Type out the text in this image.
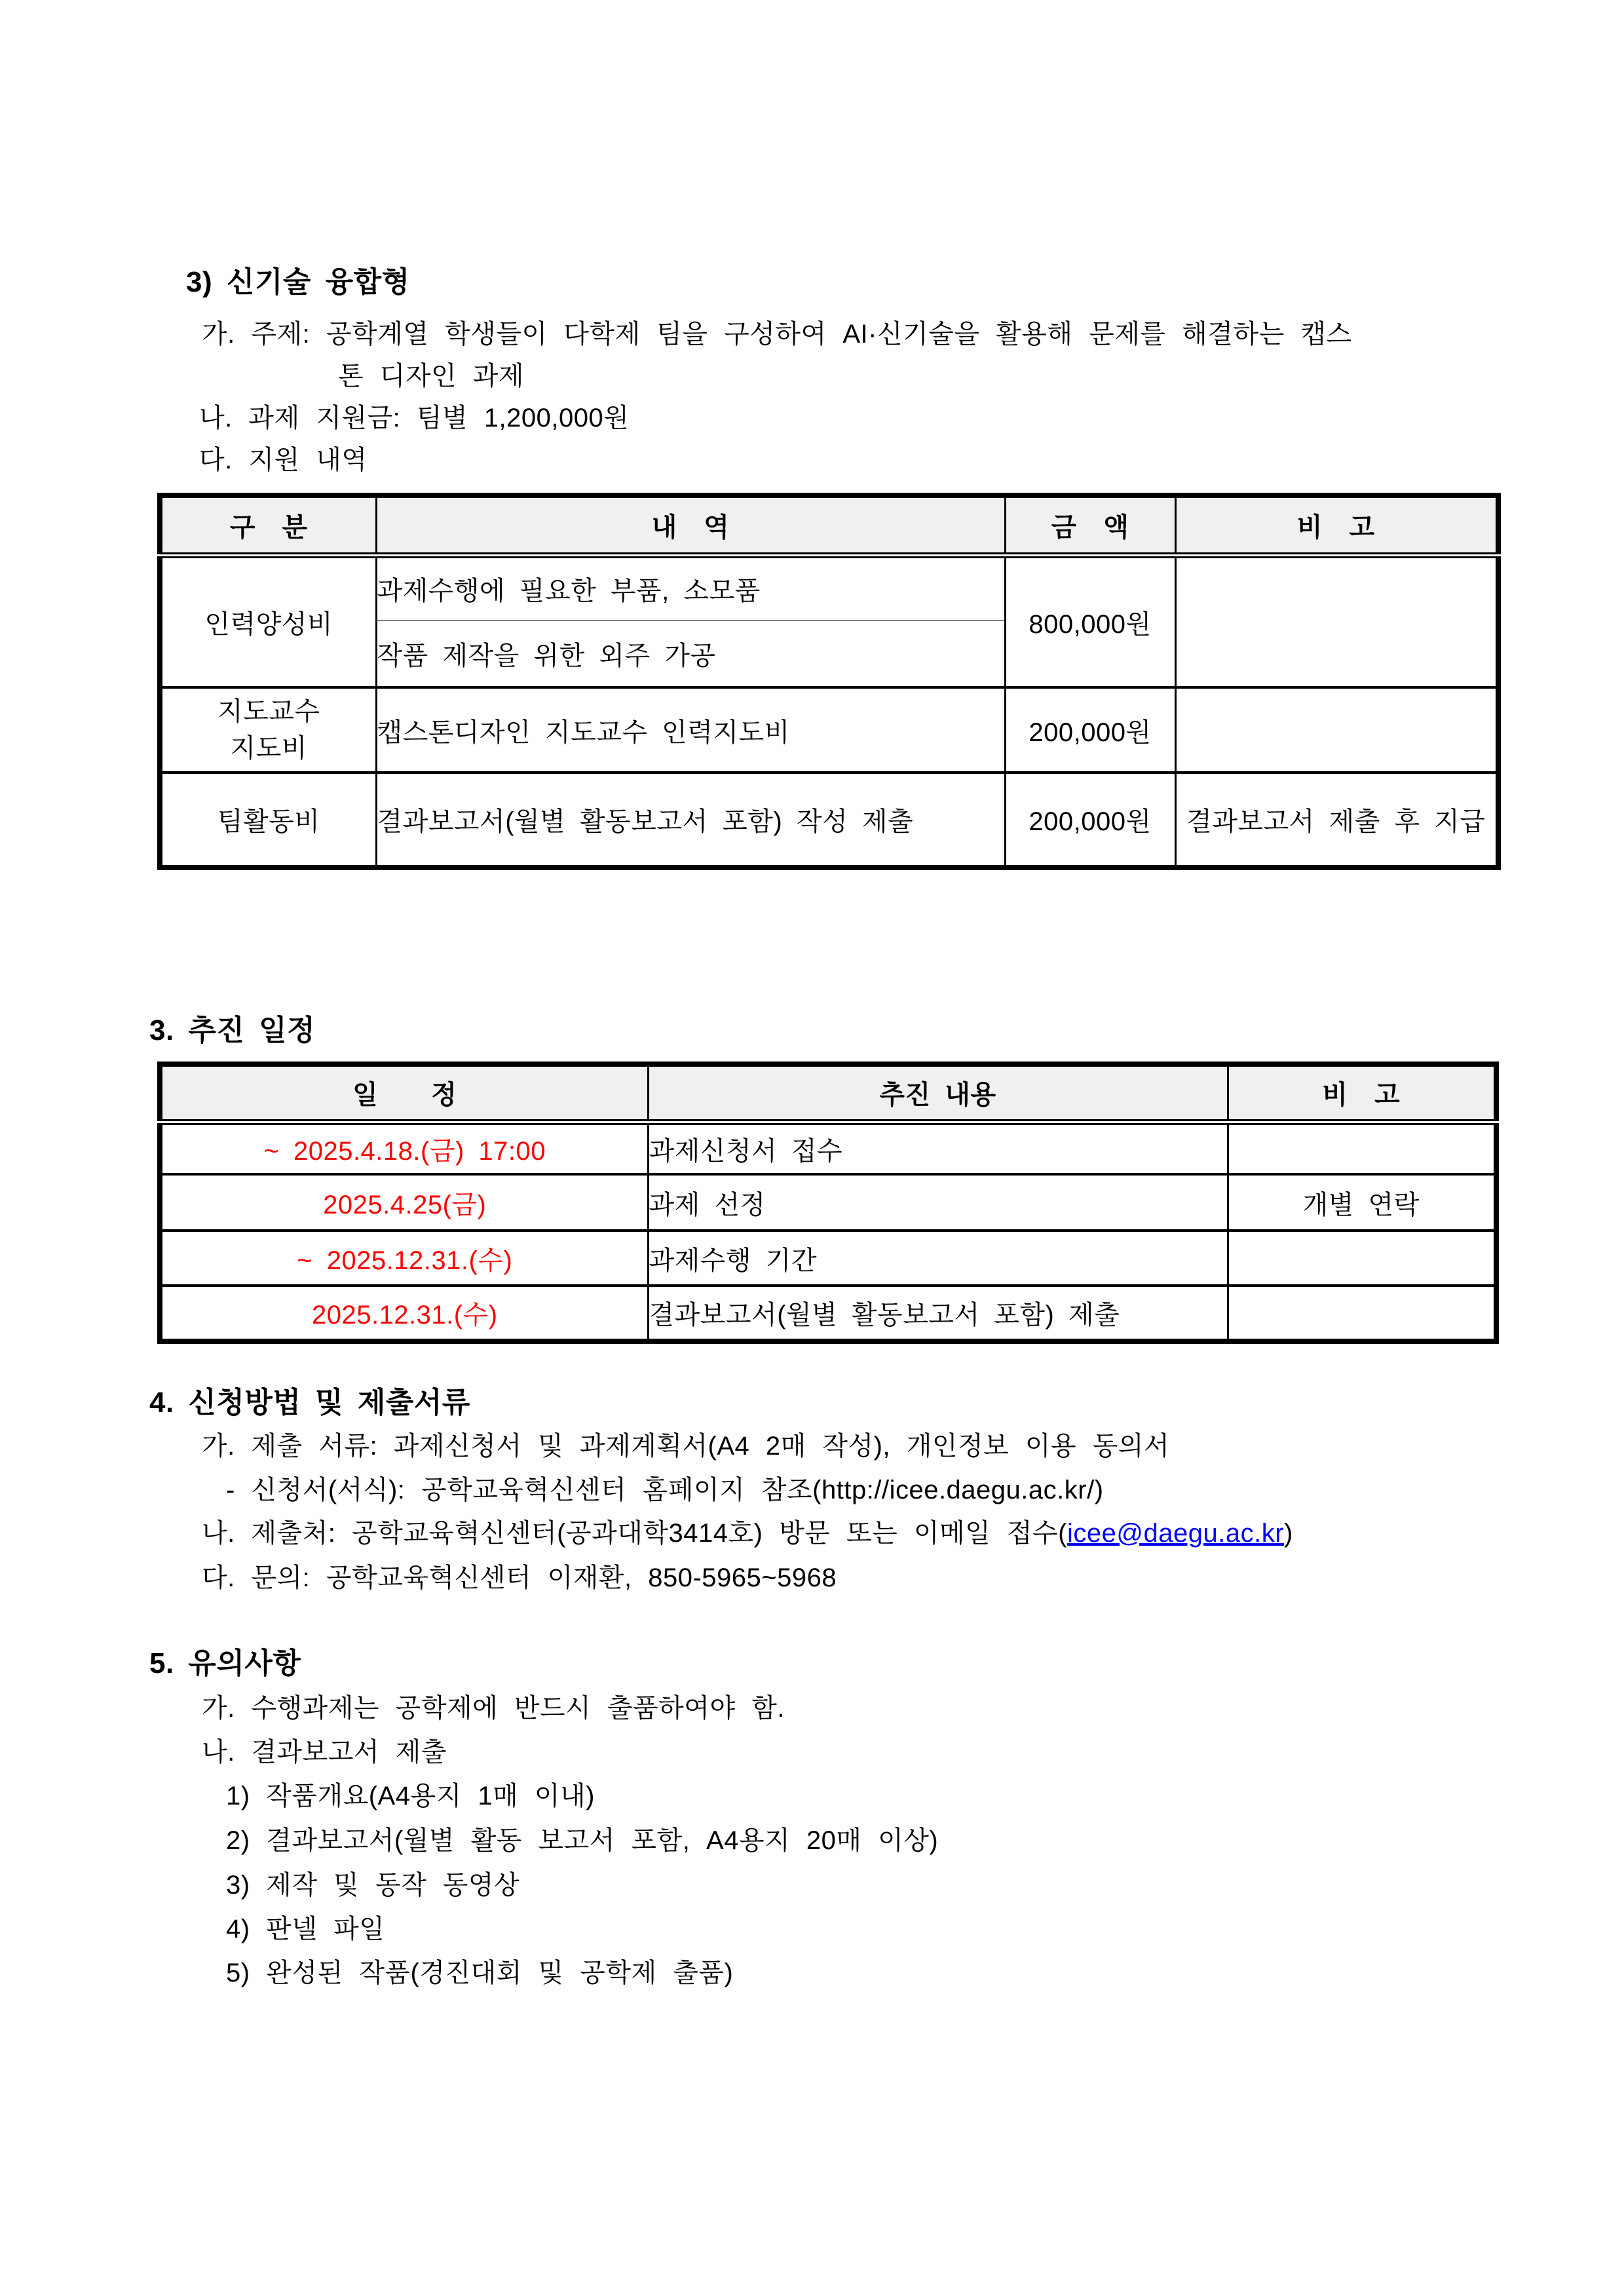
3) 신기술 융합형
가. 주제: 공학계열 학생들이 다학제 팀을 구성하여 AI·신기술을 활용해 문제를 해결하는 캡스
톤 디자인 과제
나. 과제 지원금: 팀별 1,200,000원
다. 지원 내역
구　분	내　역	금　액	비　고
인력양성비	과제수행에 필요한 부품, 소모품	800,000원	
	작품 제작을 위한 외주 가공		

지도교수
지도비	캡스톤디자인 지도교수 인력지도비	200,000원	
팀활동비	결과보고서(월별 활동보고서 포함) 작성 제출	200,000원	결과보고서 제출 후 지급
3. 추진 일정
일　　정	추진 내용	비　고
~ 2025.4.18.(금) 17:00	과제신청서 접수	
2025.4.25(금)	과제 선정	개별 연락
~ 2025.12.31.(수)	과제수행 기간	
2025.12.31.(수)	결과보고서(월별 활동보고서 포함) 제출	
4. 신청방법 및 제출서류
가. 제출 서류: 과제신청서 및 과제계획서(A4 2매 작성), 개인정보 이용 동의서
- 신청서(서식): 공학교육혁신센터 홈페이지 참조(http://icee.daegu.ac.kr/)
나. 제출처: 공학교육혁신센터(공과대학3414호) 방문 또는 이메일 접수(icee@daegu.ac.kr)
다. 문의: 공학교육혁신센터 이재환, 850-5965~5968
5. 유의사항
가. 수행과제는 공학제에 반드시 출품하여야 함.
나. 결과보고서 제출
1) 작품개요(A4용지 1매 이내)
2) 결과보고서(월별 활동 보고서 포함, A4용지 20매 이상)
3) 제작 및 동작 동영상
4) 판넬 파일
5) 완성된 작품(경진대회 및 공학제 출품)
